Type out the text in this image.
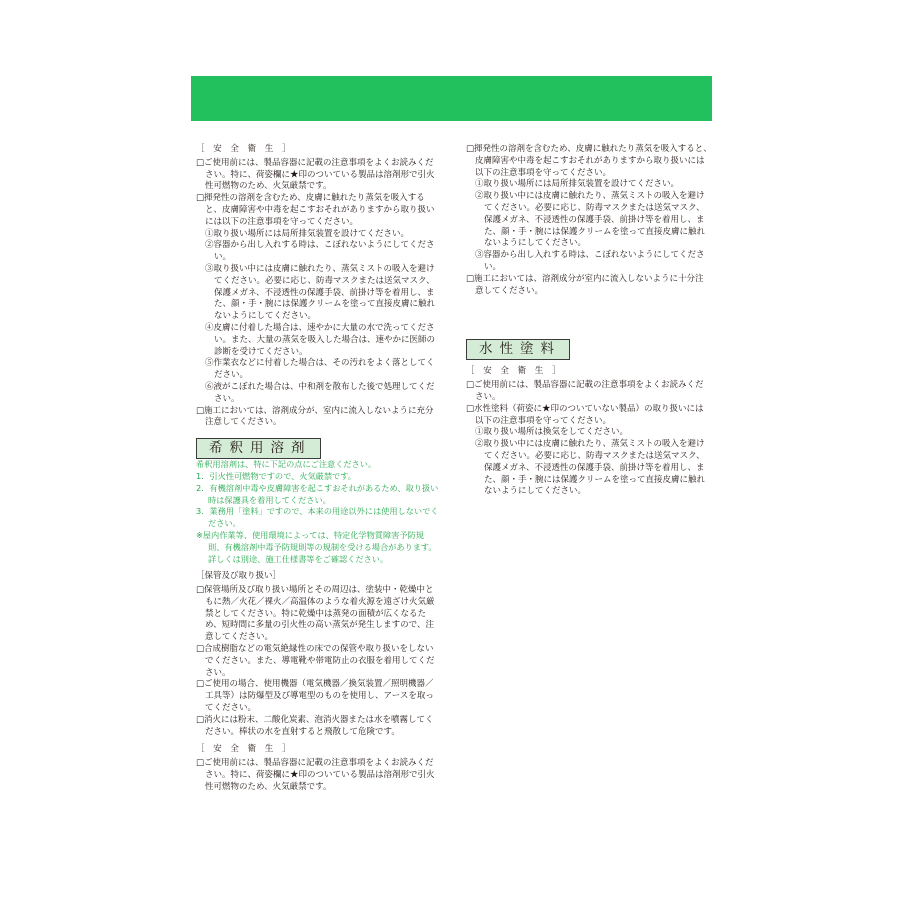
［ 安 全 衛 生 ］

□ご使用前には、製品容器に記載の注意事項をよくお読みください。特に、荷姿欄に★印のついている製品は溶剤形で引火性可燃物のため、火気厳禁です。

□揮発性の溶剤を含むため、皮膚に触れたり蒸気を吸入すると、皮膚障害や中毒を起こすおそれがありますから取り扱いには以下の注意事項を守ってください。

①取り扱い場所には局所排気装置を設けてください。

②容器から出し入れする時は、こぼれないようにしてください。

③取り扱い中には皮膚に触れたり、蒸気ミストの吸入を避けてください。必要に応じ、防毒マスクまたは送気マスク、保護メガネ、不浸透性の保護手袋、前掛け等を着用し、また、顔・手・腕には保護クリームを塗って直接皮膚に触れないようにしてください。

④皮膚に付着した場合は、速やかに大量の水で洗ってください。また、大量の蒸気を吸入した場合は、速やかに医師の診断を受けてください。

⑤作業衣などに付着した場合は、その汚れをよく落としてください。

⑥液がこぼれた場合は、中和剤を散布した後で処理してください。

□施工においては、溶剤成分が、室内に流入しないように充分注意してください。

希釈用溶剤

希釈用溶剤は、特に下記の点にご注意ください。

1．引火性可燃物ですので、火気厳禁です。

2．有機溶剤中毒や皮膚障害を起こすおそれがあるため、取り扱い時は保護具を着用してください。

3．業務用「塗料」ですので、本来の用途以外には使用しないでください。

※屋内作業等、使用環境によっては、特定化学物質障害予防規則、有機溶剤中毒予防規則等の規制を受ける場合があります。詳しくは別途、施工仕様書等をご確認ください。

［保管及び取り扱い］

□保管場所及び取り扱い場所とその周辺は、塗装中・乾燥中ともに熱／火花／裸火／高温体のような着火源を遠ざけ火気厳禁としてください。特に乾燥中は蒸発の面積が広くなるため、短時間に多量の引火性の高い蒸気が発生しますので、注意してください。

□合成樹脂などの電気絶縁性の床での保管や取り扱いをしないでください。また、導電靴や帯電防止の衣服を着用してください。

□ご使用の場合、使用機器（電気機器／換気装置／照明機器／工具等）は防爆型及び導電型のものを使用し、アースを取ってください。

□消火には粉末、二酸化炭素、泡消火器または水を噴霧してください。棒状の水を直射すると飛散して危険です。

［ 安 全 衛 生 ］

□ご使用前には、製品容器に記載の注意事項をよくお読みください。特に、荷姿欄に★印のついている製品は溶剤形で引火性可燃物のため、火気厳禁です。

□揮発性の溶剤を含むため、皮膚に触れたり蒸気を吸入すると、皮膚障害や中毒を起こすおそれがありますから取り扱いには以下の注意事項を守ってください。

①取り扱い場所には局所排気装置を設けてください。

②取り扱い中には皮膚に触れたり、蒸気ミストの吸入を避けてください。必要に応じ、防毒マスクまたは送気マスク、保護メガネ、不浸透性の保護手袋、前掛け等を着用し、また、顔・手・腕には保護クリームを塗って直接皮膚に触れないようにしてください。

③容器から出し入れする時は、こぼれないようにしてください。

□施工においては、溶剤成分が室内に流入しないように十分注意してください。

水性塗料

［ 安 全 衛 生 ］

□ご使用前には、製品容器に記載の注意事項をよくお読みください。

□水性塗料（荷姿に★印のついていない製品）の取り扱いには以下の注意事項を守ってください。

①取り扱い場所は換気をしてください。

②取り扱い中には皮膚に触れたり、蒸気ミストの吸入を避けてください。必要に応じ、防毒マスクまたは送気マスク、保護メガネ、不浸透性の保護手袋、前掛け等を着用し、また、顔・手・腕には保護クリームを塗って直接皮膚に触れないようにしてください。
